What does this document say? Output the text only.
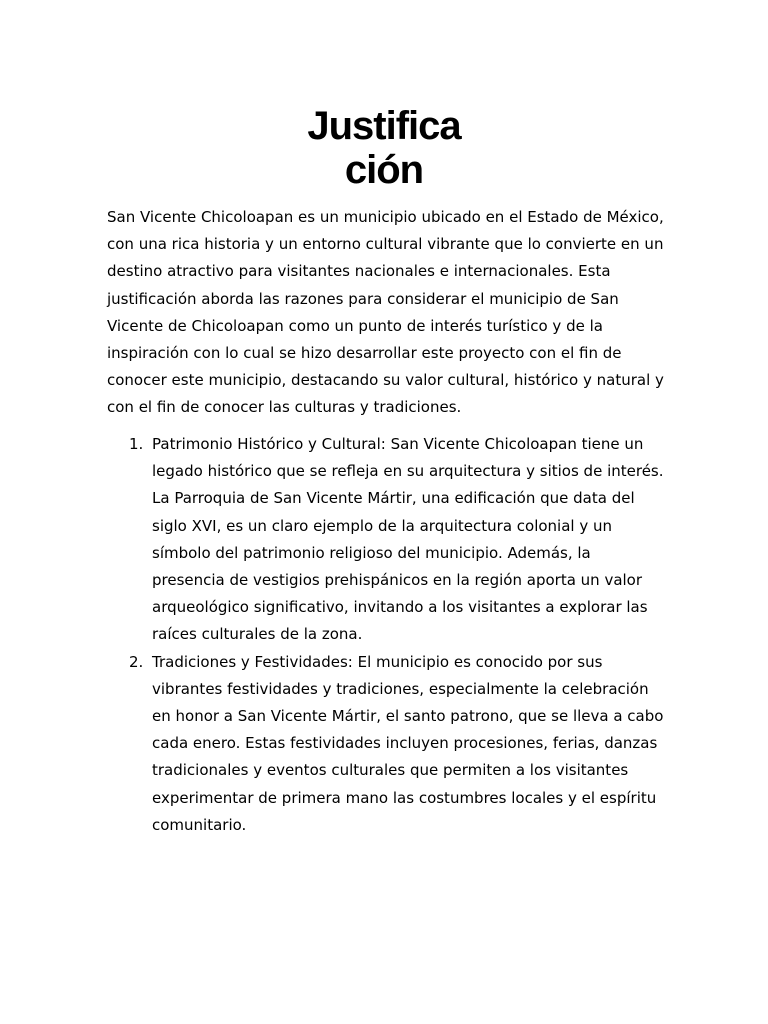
Justifica
ción

San Vicente Chicoloapan es un municipio ubicado en el Estado de México, con una rica historia y un entorno cultural vibrante que lo convierte en un destino atractivo para visitantes nacionales e internacionales. Esta justificación aborda las razones para considerar el municipio de San Vicente de Chicoloapan como un punto de interés turístico y de la inspiración con lo cual se hizo desarrollar este proyecto con el fin de conocer este municipio, destacando su valor cultural, histórico y natural y con el fin de conocer las culturas y tradiciones.

1. Patrimonio Histórico y Cultural: San Vicente Chicoloapan tiene un legado histórico que se refleja en su arquitectura y sitios de interés. La Parroquia de San Vicente Mártir, una edificación que data del siglo XVI, es un claro ejemplo de la arquitectura colonial y un símbolo del patrimonio religioso del municipio. Además, la presencia de vestigios prehispánicos en la región aporta un valor arqueológico significativo, invitando a los visitantes a explorar las raíces culturales de la zona.
2. Tradiciones y Festividades: El municipio es conocido por sus vibrantes festividades y tradiciones, especialmente la celebración en honor a San Vicente Mártir, el santo patrono, que se lleva a cabo cada enero. Estas festividades incluyen procesiones, ferias, danzas tradicionales y eventos culturales que permiten a los visitantes experimentar de primera mano las costumbres locales y el espíritu comunitario.
